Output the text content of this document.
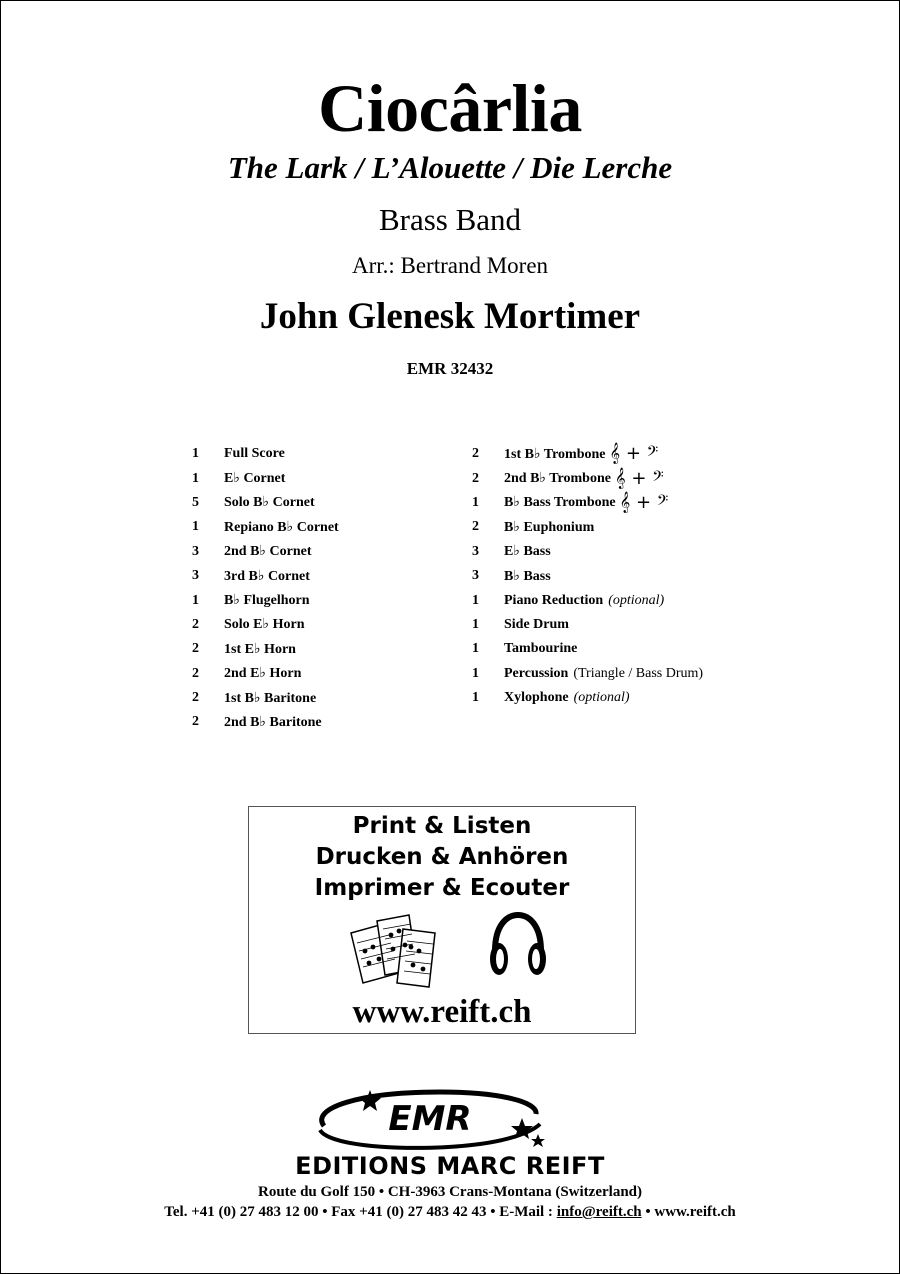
Ciocârlia
The Lark / L’Alouette / Die Lerche
Brass Band
Arr.: Bertrand Moren
John Glenesk Mortimer
EMR 32432
1	Full Score
1	E♭ Cornet
5	Solo B♭ Cornet
1	Repiano B♭ Cornet
3	2nd B♭ Cornet
3	3rd B♭ Cornet
1	B♭ Flugelhorn
2	Solo E♭ Horn
2	1st E♭ Horn
2	2nd E♭ Horn
2	1st B♭ Baritone
2	2nd B♭ Baritone
2	1st B♭ Trombone 𝄞 + 𝄢
2	2nd B♭ Trombone 𝄞 + 𝄢
1	B♭ Bass Trombone 𝄞 + 𝄢
2	B♭ Euphonium
3	E♭ Bass
3	B♭ Bass
1	Piano Reduction (optional)
1	Side Drum
1	Tambourine
1	Percussion (Triangle / Bass Drum)
1	Xylophone (optional)
Print & Listen
Drucken & Anhören
Imprimer & Ecouter
www.reift.ch
EMR
EDITIONS MARC REIFT
Route du Golf 150 • CH-3963 Crans-Montana (Switzerland)
Tel. +41 (0) 27 483 12 00 • Fax +41 (0) 27 483 42 43 • E-Mail : info@reift.ch • www.reift.ch
